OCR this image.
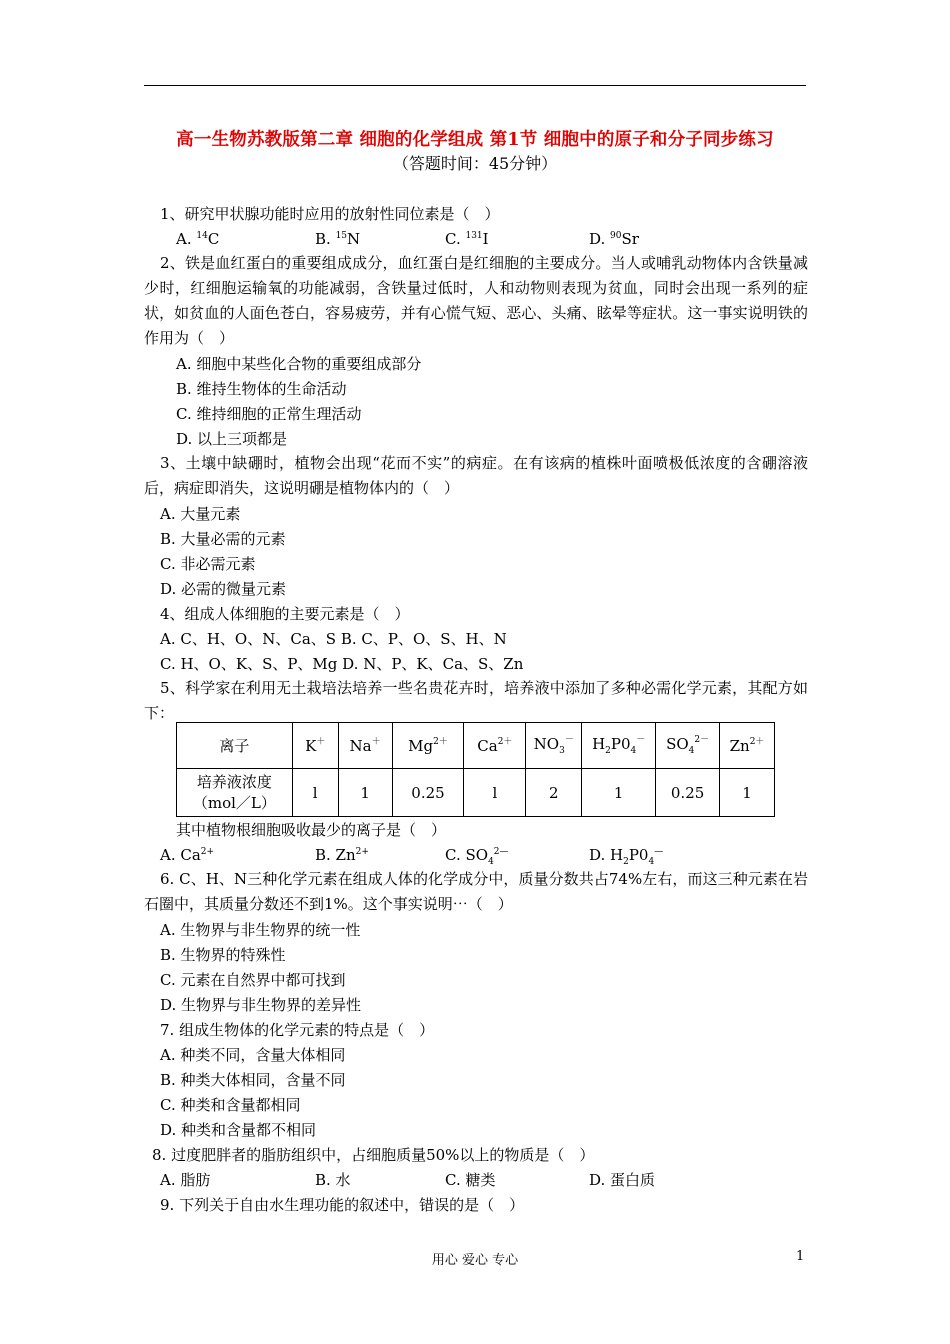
高一生物苏教版第二章 细胞的化学组成 第1节 细胞中的原子和分子同步练习
（答题时间：45分钟）
1、研究甲状腺功能时应用的放射性同位素是（　）
A. $^{14}$C	B. $^{15}$N	C. $^{131}$I	D. $^{90}$Sr
2、铁是血红蛋白的重要组成成分，血红蛋白是红细胞的主要成分。当人或哺乳动物体内含铁量减少时，红细胞运输氧的功能减弱，含铁量过低时，人和动物则表现为贫血，同时会出现一系列的症状，如贫血的人面色苍白，容易疲劳，并有心慌气短、恶心、头痛、眩晕等症状。这一事实说明铁的作用为（　）
A. 细胞中某些化合物的重要组成部分
B. 维持生物体的生命活动
C. 维持细胞的正常生理活动
D. 以上三项都是
3、土壤中缺硼时，植物会出现“花而不实”的病症。在有该病的植株叶面喷极低浓度的含硼溶液后，病症即消失，这说明硼是植物体内的（　）
A. 大量元素
B. 大量必需的元素
C. 非必需元素
D. 必需的微量元素
4、组成人体细胞的主要元素是（　）
A. C、H、O、N、Ca、S B. C、P、O、S、H、N
C. H、O、K、S、P、Mg D. N、P、K、Ca、S、Zn
5、科学家在利用无土栽培法培养一些名贵花卉时，培养液中添加了多种必需化学元素，其配方如下：
离子	K＋	Na＋	$Mg^{2+}$	$Ca^{2+}$	$NO_3^-$	$H_2P0_4^-$	$SO_4^{2-}$	$Zn^{2+}$
培养液浓度
（mol／L）	l	1	0.25	l	2	1	0.25	1
其中植物根细胞吸收最少的离子是（　）
A. $Ca^{2+}$	B. $Zn^{2+}$	C. $SO_4^{2—}$	D. $H_2P0_4^—$
6. C、H、N三种化学元素在组成人体的化学成分中，质量分数共占74%左右，而这三种元素在岩石圈中，其质量分数还不到1%。这个事实说明⋯（　）
A. 生物界与非生物界的统一性
B. 生物界的特殊性
C. 元素在自然界中都可找到
D. 生物界与非生物界的差异性
7. 组成生物体的化学元素的特点是（　）
A. 种类不同，含量大体相同
B. 种类大体相同，含量不同
C. 种类和含量都相同
D. 种类和含量都不相同
8. 过度肥胖者的脂肪组织中，占细胞质量50%以上的物质是（　）
A. 脂肪	B. 水	C. 糖类	D. 蛋白质
9. 下列关于自由水生理功能的叙述中，错误的是（　）
用心 爱心 专心	1
